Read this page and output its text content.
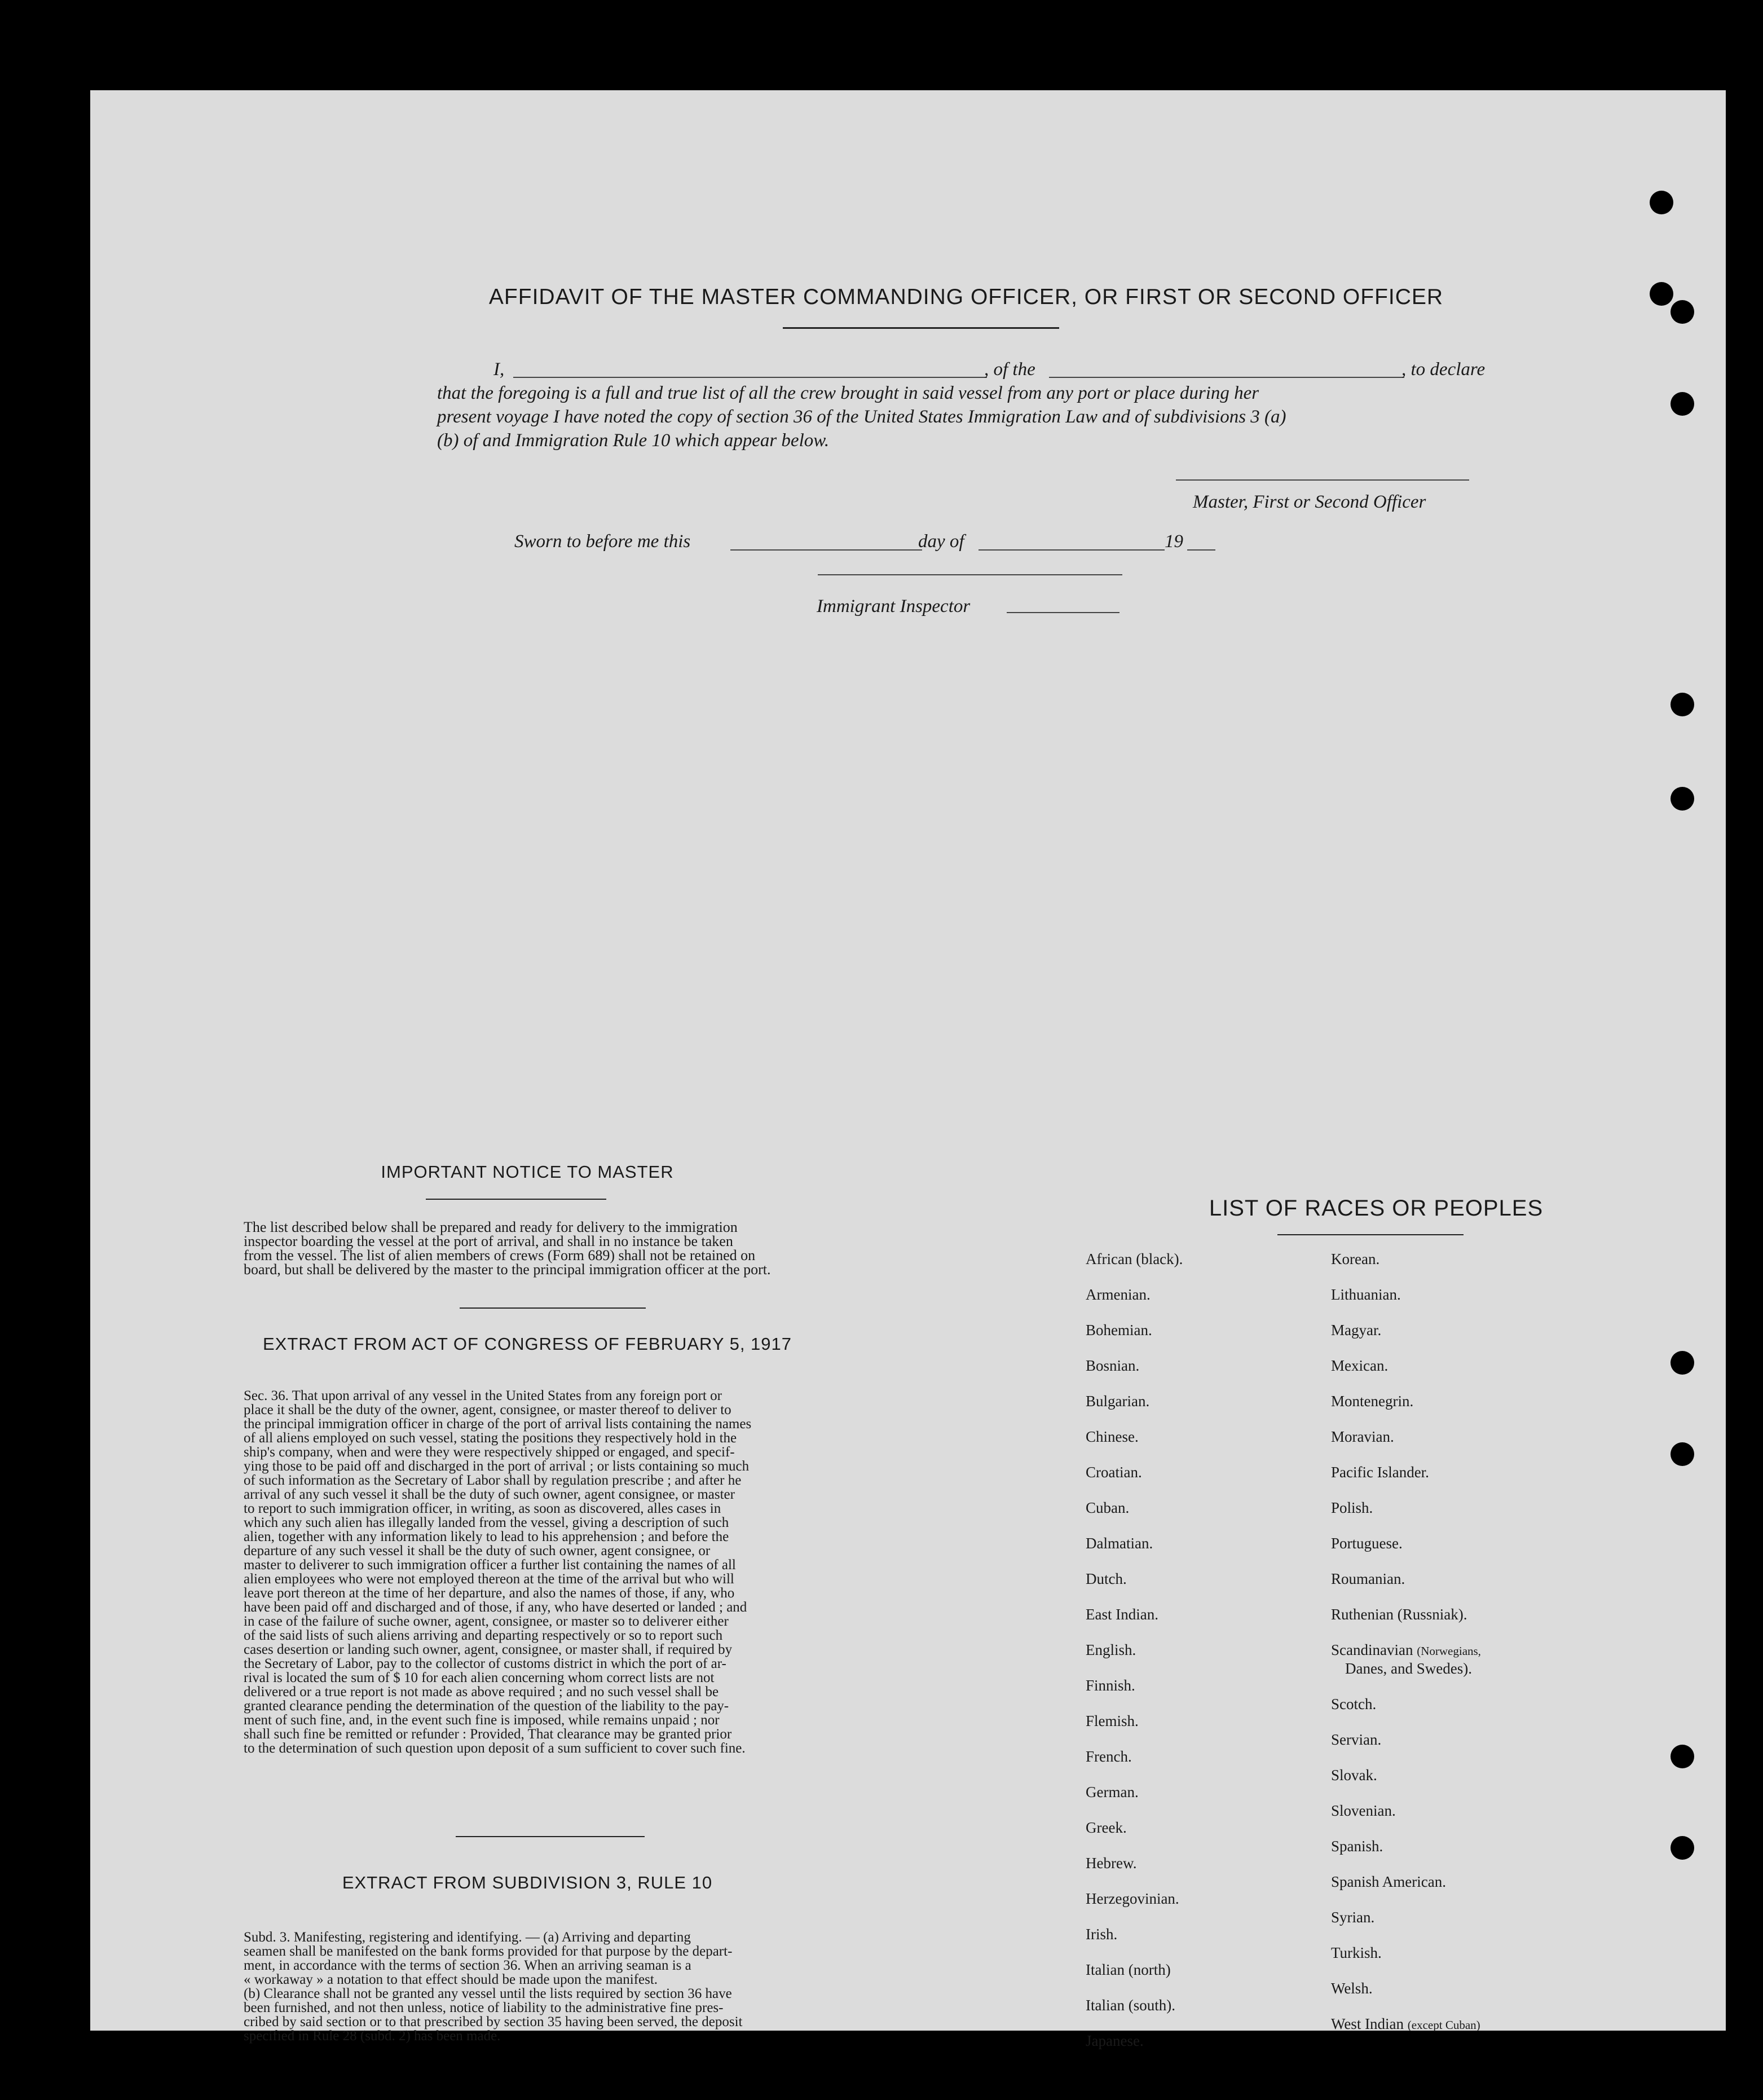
AFFIDAVIT OF THE MASTER COMMANDING OFFICER, OR FIRST OR SECOND OFFICER
I,	, of the	, to declare
that the foregoing is a full and true list of all the crew brought in said vessel from any port or place during her
present voyage I have noted the copy of section 36 of the United States Immigration Law and of subdivisions 3 (a)
(b) of and Immigration Rule 10 which appear below.
Master, First or Second Officer
Sworn to before me this	day of	19
Immigrant Inspector
IMPORTANT NOTICE TO MASTER
The list described below shall be prepared and ready for delivery to the immigration
inspector boarding the vessel at the port of arrival, and shall in no instance be taken
from the vessel. The list of alien members of crews (Form 689) shall not be retained on
board, but shall be delivered by the master to the principal immigration officer at the port.
EXTRACT FROM ACT OF CONGRESS OF FEBRUARY 5, 1917
Sec. 36. That upon arrival of any vessel in the United States from any foreign port or
place it shall be the duty of the owner, agent, consignee, or master thereof to deliver to
the principal immigration officer in charge of the port of arrival lists containing the names
of all aliens employed on such vessel, stating the positions they respectively hold in the
ship's company, when and were they were respectively shipped or engaged, and specif-
ying those to be paid off and discharged in the port of arrival ; or lists containing so much
of such information as the Secretary of Labor shall by regulation prescribe ; and after he
arrival of any such vessel it shall be the duty of such owner, agent consignee, or master
to report to such immigration officer, in writing, as soon as discovered, alles cases in
which any such alien has illegally landed from the vessel, giving a description of such
alien, together with any information likely to lead to his apprehension ; and before the
departure of any such vessel it shall be the duty of such owner, agent consignee, or
master to deliverer to such immigration officer a further list containing the names of all
alien employees who were not employed thereon at the time of the arrival but who will
leave port thereon at the time of her departure, and also the names of those, if any, who
have been paid off and discharged and of those, if any, who have deserted or landed ; and
in case of the failure of suche owner, agent, consignee, or master so to deliverer either
of the said lists of such aliens arriving and departing respectively or so to report such
cases desertion or landing such owner, agent, consignee, or master shall, if required by
the Secretary of Labor, pay to the collector of customs district in which the port of ar-
rival is located the sum of $ 10 for each alien concerning whom correct lists are not
delivered or a true report is not made as above required ; and no such vessel shall be
granted clearance pending the determination of the question of the liability to the pay-
ment of such fine, and, in the event such fine is imposed, while remains unpaid ; nor
shall such fine be remitted or refunder : Provided, That clearance may be granted prior
to the determination of such question upon deposit of a sum sufficient to cover such fine.
EXTRACT FROM SUBDIVISION 3, RULE 10
Subd. 3. Manifesting, registering and identifying. — (a) Arriving and departing
seamen shall be manifested on the bank forms provided for that purpose by the depart-
ment, in accordance with the terms of section 36. When an arriving seaman is a
« workaway » a notation to that effect should be made upon the manifest.
(b) Clearance shall not be granted any vessel until the lists required by section 36 have
been furnished, and not then unless, notice of liability to the administrative fine pres-
cribed by said section or to that prescribed by section 35 having been served, the deposit
specified in Rule 28 (subd. 2) has been made.
LIST OF RACES OR PEOPLES
African (black).
Armenian.
Bohemian.
Bosnian.
Bulgarian.
Chinese.
Croatian.
Cuban.
Dalmatian.
Dutch.
East Indian.
English.
Finnish.
Flemish.
French.
German.
Greek.
Hebrew.
Herzegovinian.
Irish.
Italian (north)
Italian (south).
Japanese.
Korean.
Lithuanian.
Magyar.
Mexican.
Montenegrin.
Moravian.
Pacific Islander.
Polish.
Portuguese.
Roumanian.
Ruthenian (Russniak).
Scandinavian (Norwegians,
Danes, and Swedes).
Scotch.
Servian.
Slovak.
Slovenian.
Spanish.
Spanish American.
Syrian.
Turkish.
Welsh.
West Indian (except Cuban)
